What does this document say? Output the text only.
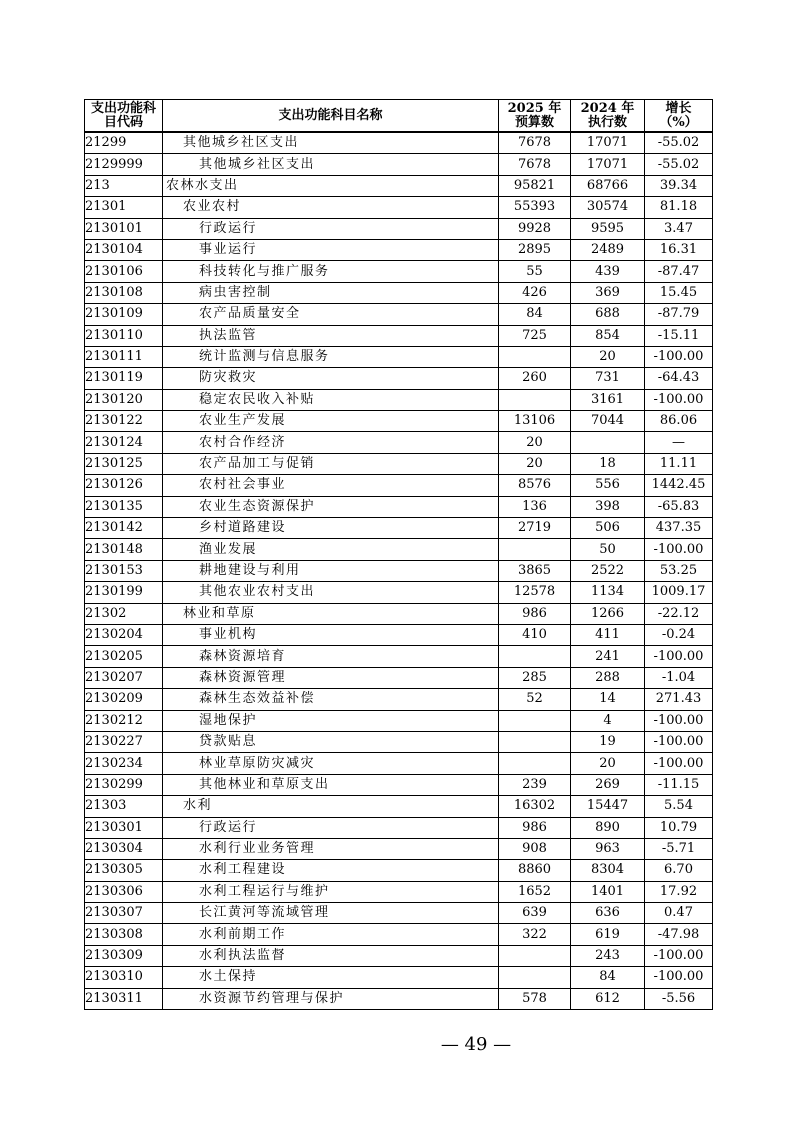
支出功能科目代码	支出功能科目名称	2025 年预算数	2024 年执行数	增长（%）
21299	其他城乡社区支出	7678	17071	-55.02
2129999	其他城乡社区支出	7678	17071	-55.02
213	农林水支出	95821	68766	39.34
21301	农业农村	55393	30574	81.18
2130101	行政运行	9928	9595	3.47
2130104	事业运行	2895	2489	16.31
2130106	科技转化与推广服务	55	439	-87.47
2130108	病虫害控制	426	369	15.45
2130109	农产品质量安全	84	688	-87.79
2130110	执法监管	725	854	-15.11
2130111	统计监测与信息服务		20	-100.00
2130119	防灾救灾	260	731	-64.43
2130120	稳定农民收入补贴		3161	-100.00
2130122	农业生产发展	13106	7044	86.06
2130124	农村合作经济	20		—
2130125	农产品加工与促销	20	18	11.11
2130126	农村社会事业	8576	556	1442.45
2130135	农业生态资源保护	136	398	-65.83
2130142	乡村道路建设	2719	506	437.35
2130148	渔业发展		50	-100.00
2130153	耕地建设与利用	3865	2522	53.25
2130199	其他农业农村支出	12578	1134	1009.17
21302	林业和草原	986	1266	-22.12
2130204	事业机构	410	411	-0.24
2130205	森林资源培育		241	-100.00
2130207	森林资源管理	285	288	-1.04
2130209	森林生态效益补偿	52	14	271.43
2130212	湿地保护		4	-100.00
2130227	贷款贴息		19	-100.00
2130234	林业草原防灾减灾		20	-100.00
2130299	其他林业和草原支出	239	269	-11.15
21303	水利	16302	15447	5.54
2130301	行政运行	986	890	10.79
2130304	水利行业业务管理	908	963	-5.71
2130305	水利工程建设	8860	8304	6.70
2130306	水利工程运行与维护	1652	1401	17.92
2130307	长江黄河等流域管理	639	636	0.47
2130308	水利前期工作	322	619	-47.98
2130309	水利执法监督		243	-100.00
2130310	水土保持		84	-100.00
2130311	水资源节约管理与保护	578	612	-5.56
— 49 —
